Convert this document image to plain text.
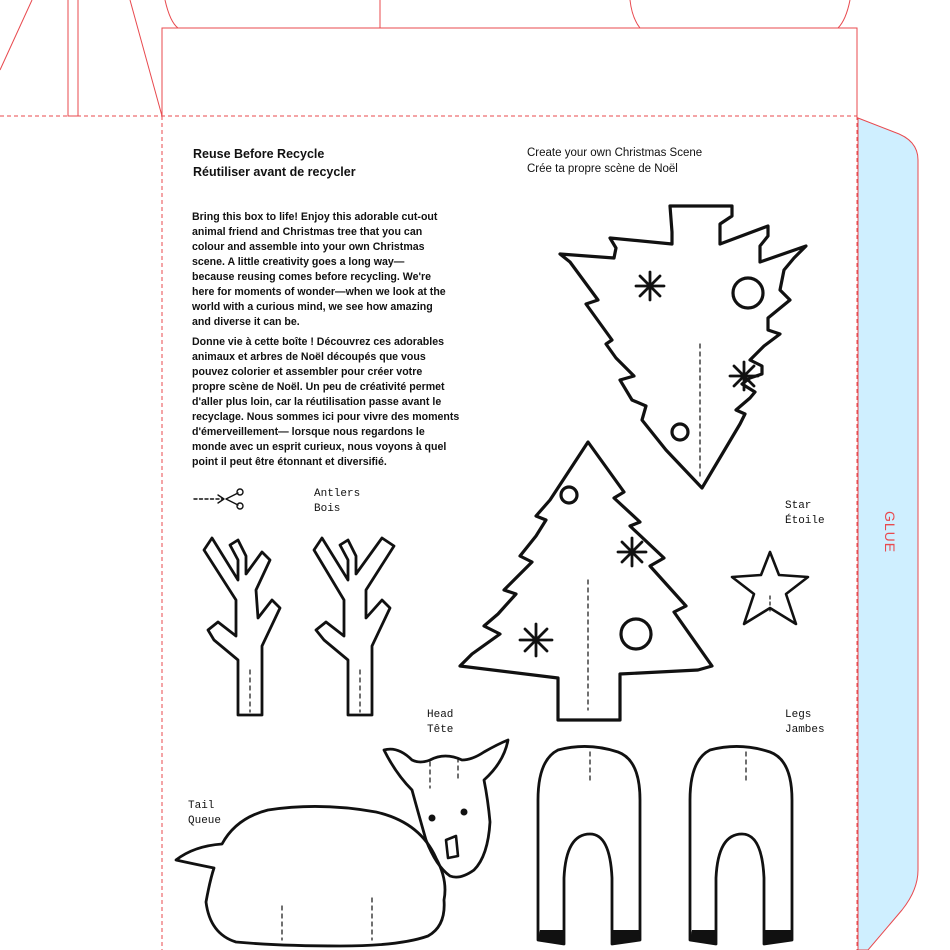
Reuse Before Recycle
Réutiliser avant de recycler
Bring this box to life! Enjoy this adorable cut-out
animal friend and Christmas tree that you can
colour and assemble into your own Christmas
scene. A little creativity goes a long way—
because reusing comes before recycling. We're
here for moments of wonder—when we look at the
world with a curious mind, we see how amazing
and diverse it can be.
Donne vie à cette boîte ! Découvrez ces adorables
animaux et arbres de Noël découpés que vous
pouvez colorier et assembler pour créer votre
propre scène de Noël. Un peu de créativité permet
d'aller plus loin, car la réutilisation passe avant le
recyclage. Nous sommes ici pour vivre des moments
d'émerveillement— lorsque nous regardons le
monde avec un esprit curieux, nous voyons à quel
point il peut être étonnant et diversifié.
Create your own Christmas Scene
Crée ta propre scène de Noël
Antlers
Bois	Star
Étoile
Head
Tête
Legs
Jambes
Tail
Queue
GLUE
